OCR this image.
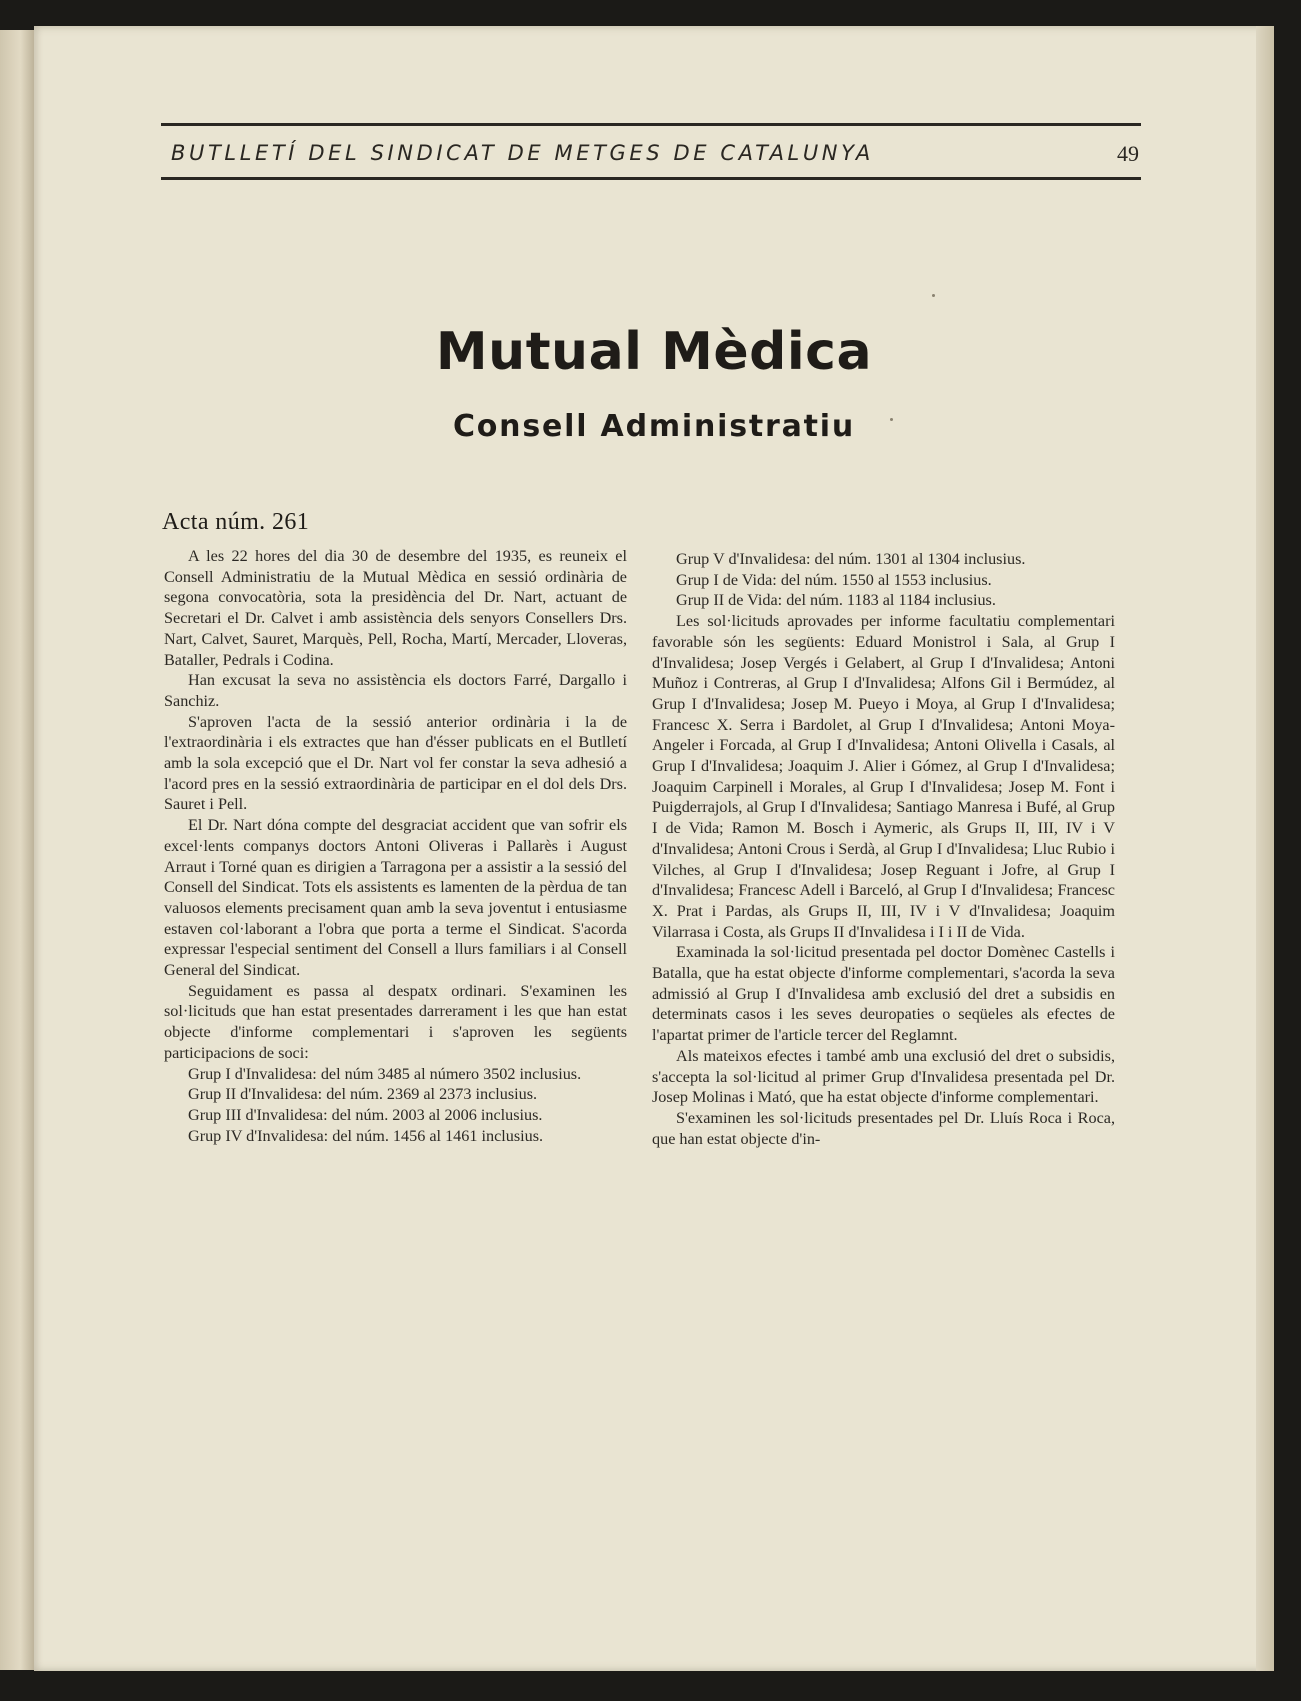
BUTLLETÍ DEL SINDICAT DE METGES DE CATALUNYA	49
Mutual Mèdica
Consell Administratiu
Acta núm. 261

A les 22 hores del dia 30 de desembre del 1935, es reuneix el Consell Administratiu de la Mutual Mèdica en sessió ordinària de segona convocatòria, sota la presidència del Dr. Nart, actuant de Secretari el Dr. Calvet i amb assistència dels senyors Consellers Drs. Nart, Calvet, Sauret, Marquès, Pell, Rocha, Martí, Mercader, Lloveras, Bataller, Pedrals i Codina.

Han excusat la seva no assistència els doctors Farré, Dargallo i Sanchiz.

S'aproven l'acta de la sessió anterior ordinària i la de l'extraordinària i els extractes que han d'ésser publicats en el Butlletí amb la sola excepció que el Dr. Nart vol fer constar la seva adhesió a l'acord pres en la sessió extraordinària de participar en el dol dels Drs. Sauret i Pell.

El Dr. Nart dóna compte del desgraciat accident que van sofrir els excel·lents companys doctors Antoni Oliveras i Pallarès i August Arraut i Torné quan es dirigien a Tarragona per a assistir a la sessió del Consell del Sindicat. Tots els assistents es lamenten de la pèrdua de tan valuosos elements precisament quan amb la seva joventut i entusiasme estaven col·laborant a l'obra que porta a terme el Sindicat. S'acorda expressar l'especial sentiment del Consell a llurs familiars i al Consell General del Sindicat.

Seguidament es passa al despatx ordinari. S'examinen les sol·licituds que han estat presentades darrerament i les que han estat objecte d'informe complementari i s'aproven les següents participacions de soci:

Grup I d'Invalidesa: del núm 3485 al número 3502 inclusius.

Grup II d'Invalidesa: del núm. 2369 al 2373 inclusius.

Grup III d'Invalidesa: del núm. 2003 al 2006 inclusius.

Grup IV d'Invalidesa: del núm. 1456 al 1461 inclusius.

Grup V d'Invalidesa: del núm. 1301 al 1304 inclusius.

Grup I de Vida: del núm. 1550 al 1553 inclusius.

Grup II de Vida: del núm. 1183 al 1184 inclusius.

Les sol·licituds aprovades per informe facultatiu complementari favorable són les següents: Eduard Monistrol i Sala, al Grup I d'Invalidesa; Josep Vergés i Gelabert, al Grup I d'Invalidesa; Antoni Muñoz i Contreras, al Grup I d'Invalidesa; Alfons Gil i Bermúdez, al Grup I d'Invalidesa; Josep M. Pueyo i Moya, al Grup I d'Invalidesa; Francesc X. Serra i Bardolet, al Grup I d'Invalidesa; Antoni Moya-Angeler i Forcada, al Grup I d'Invalidesa; Antoni Olivella i Casals, al Grup I d'Invalidesa; Joaquim J. Alier i Gómez, al Grup I d'Invalidesa; Joaquim Carpinell i Morales, al Grup I d'Invalidesa; Josep M. Font i Puigderrajols, al Grup I d'Invalidesa; Santiago Manresa i Bufé, al Grup I de Vida; Ramon M. Bosch i Aymeric, als Grups II, III, IV i V d'Invalidesa; Antoni Crous i Serdà, al Grup I d'Invalidesa; Lluc Rubio i Vilches, al Grup I d'Invalidesa; Josep Reguant i Jofre, al Grup I d'Invalidesa; Francesc Adell i Barceló, al Grup I d'Invalidesa; Francesc X. Prat i Pardas, als Grups II, III, IV i V d'Invalidesa; Joaquim Vilarrasa i Costa, als Grups II d'Invalidesa i I i II de Vida.

Examinada la sol·licitud presentada pel doctor Domènec Castells i Batalla, que ha estat objecte d'informe complementari, s'acorda la seva admissió al Grup I d'Invalidesa amb exclusió del dret a subsidis en determinats casos i les seves deuropaties o seqüeles als efectes de l'apartat primer de l'article tercer del Reglamnt.

Als mateixos efectes i també amb una exclusió del dret o subsidis, s'accepta la sol·licitud al primer Grup d'Invalidesa presentada pel Dr. Josep Molinas i Mató, que ha estat objecte d'informe complementari.

S'examinen les sol·licituds presentades pel Dr. Lluís Roca i Roca, que han estat objecte d'in-
